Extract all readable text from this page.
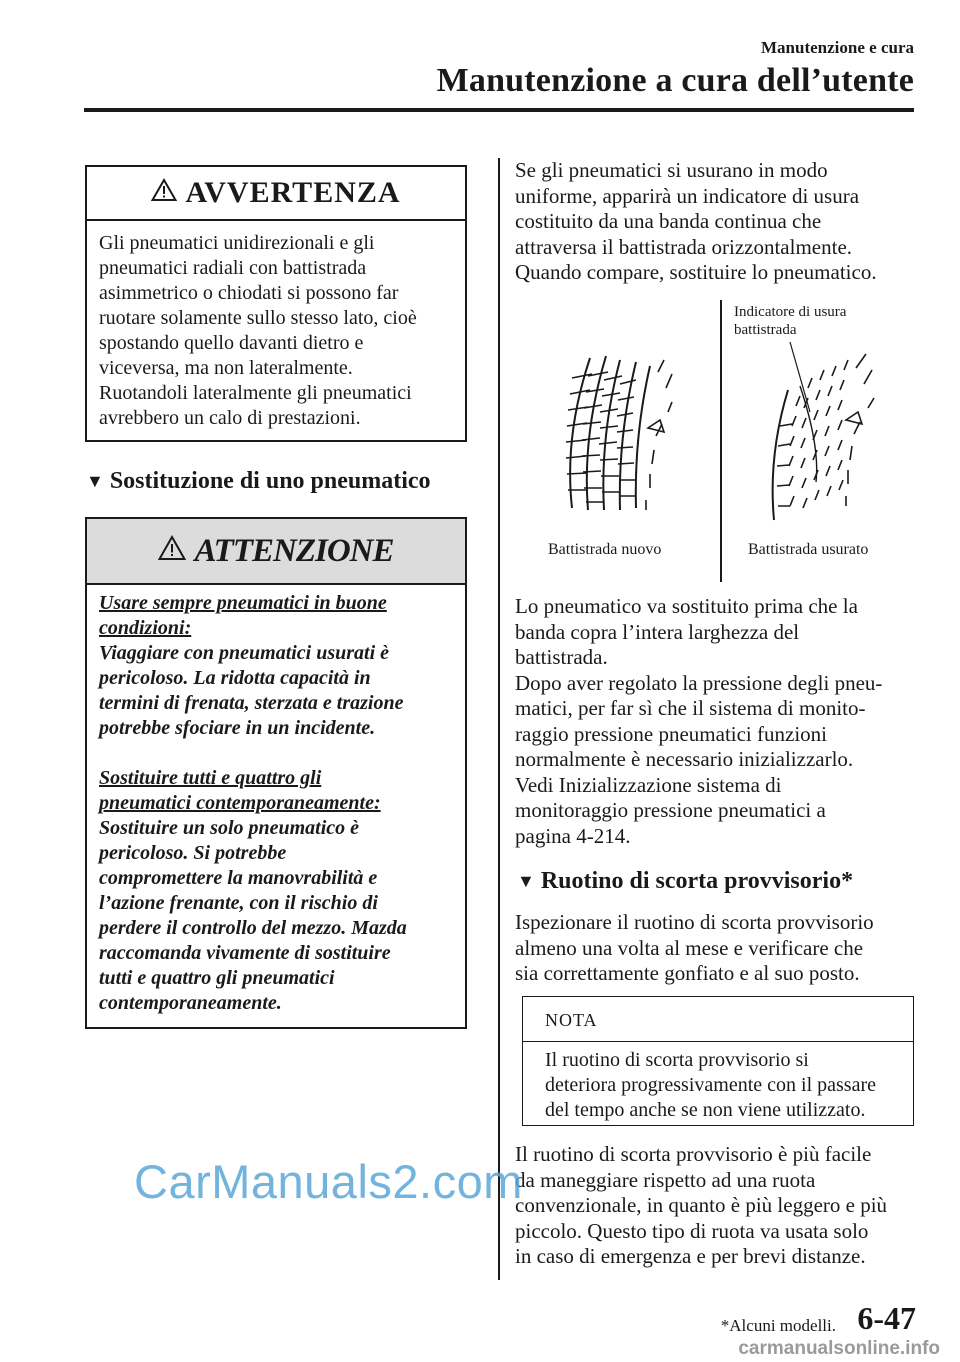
Manutenzione e cura
Manutenzione a cura dell’utente
AVVERTENZA
Gli pneumatici unidirezionali e gli
pneumatici radiali con battistrada
asimmetrico o chiodati si possono far
ruotare solamente sullo stesso lato, cioè
spostando quello davanti dietro e
viceversa, ma non lateralmente.
Ruotandoli lateralmente gli pneumatici
avrebbero un calo di prestazioni.
▼ Sostituzione di uno pneumatico
ATTENZIONE
Usare sempre pneumatici in buone
condizioni:
Viaggiare con pneumatici usurati è
pericoloso. La ridotta capacità in
termini di frenata, sterzata e trazione
potrebbe sfociare in un incidente.
Sostituire tutti e quattro gli
pneumatici contemporaneamente:
Sostituire un solo pneumatico è
pericoloso. Si potrebbe
compromettere la manovrabilità e
l’azione frenante, con il rischio di
perdere il controllo del mezzo. Mazda
raccomanda vivamente di sostituire
tutti e quattro gli pneumatici
contemporaneamente.
Se gli pneumatici si usurano in modo
uniforme, apparirà un indicatore di usura
costituito da una banda continua che
attraversa il battistrada orizzontalmente.
Quando compare, sostituire lo pneumatico.
Indicatore di usura
battistrada
Battistrada nuovo	Battistrada usurato
Lo pneumatico va sostituito prima che la
banda copra l’intera larghezza del
battistrada.
Dopo aver regolato la pressione degli pneu-
matici, per far sì che il sistema di monito-
raggio pressione pneumatici funzioni
normalmente è necessario inizializzarlo.
Vedi Inizializzazione sistema di
monitoraggio pressione pneumatici a
pagina 4-214.
▼ Ruotino di scorta provvisorio*
Ispezionare il ruotino di scorta provvisorio
almeno una volta al mese e verificare che
sia correttamente gonfiato e al suo posto.
NOTA
Il ruotino di scorta provvisorio si
deteriora progressivamente con il passare
del tempo anche se non viene utilizzato.
Il ruotino di scorta provvisorio è più facile
da maneggiare rispetto ad una ruota
convenzionale, in quanto è più leggero e più
piccolo. Questo tipo di ruota va usata solo
in caso di emergenza e per brevi distanze.
CarManuals2.com
*Alcuni modelli. 6-47
carmanualsonline.info
